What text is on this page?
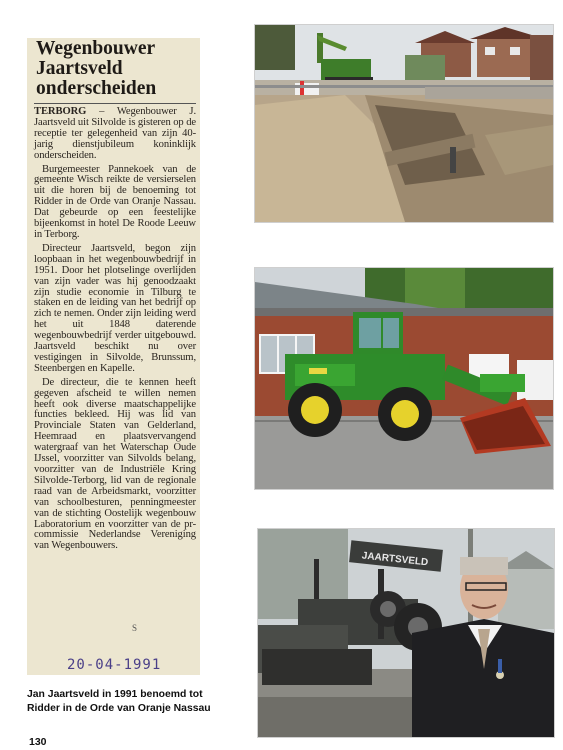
Wegenbouwer
Jaartsveld
onderscheiden

TERBORG – Wegenbouwer J. Jaartsveld uit Silvolde is gisteren op de receptie ter gelegenheid van zijn 40-jarig dienstjubileum koninklijk onderscheiden.

Burgemeester Pannekoek van de gemeente Wisch reikte de versierselen uit die horen bij de benoeming tot Ridder in de Orde van Oranje Nassau. Dat gebeurde op een feestelijke bijeenkomst in hotel De Roode Leeuw in Terborg.

Directeur Jaartsveld, begon zijn loopbaan in het wegenbouwbedrijf in 1951. Door het plotselinge overlijden van zijn vader was hij genoodzaakt zijn studie economie in Tilburg te staken en de leiding van het bedrijf op zich te nemen. Onder zijn leiding werd het uit 1848 daterende wegenbouwbedrijf verder uitgebouwd. Jaartsveld beschikt nu over vestigingen in Silvolde, Brunssum, Steenbergen en Kapelle.

De directeur, die te kennen heeft gegeven afscheid te willen nemen heeft ook diverse maatschappelijke functies bekleed. Hij was lid van Provinciale Staten van Gelderland, Heemraad en plaatsvervangend watergraaf van het Waterschap Oude IJssel, voorzitter van Silvolds belang, voorzitter van de Industriële Kring Silvolde-Terborg, lid van de regionale raad van de Arbeidsmarkt, voorzitter van schoolbesturen, penningmeester van de stichting Oostelijk wegenbouw Laboratorium en voorzitter van de pr-commissie Nederlandse Vereniging van Wegenbouwers.

S
20-04-1991
JAARTSVELD
Jan Jaartsveld in 1991 benoemd tot
Ridder in de Orde van Oranje Nassau
130
